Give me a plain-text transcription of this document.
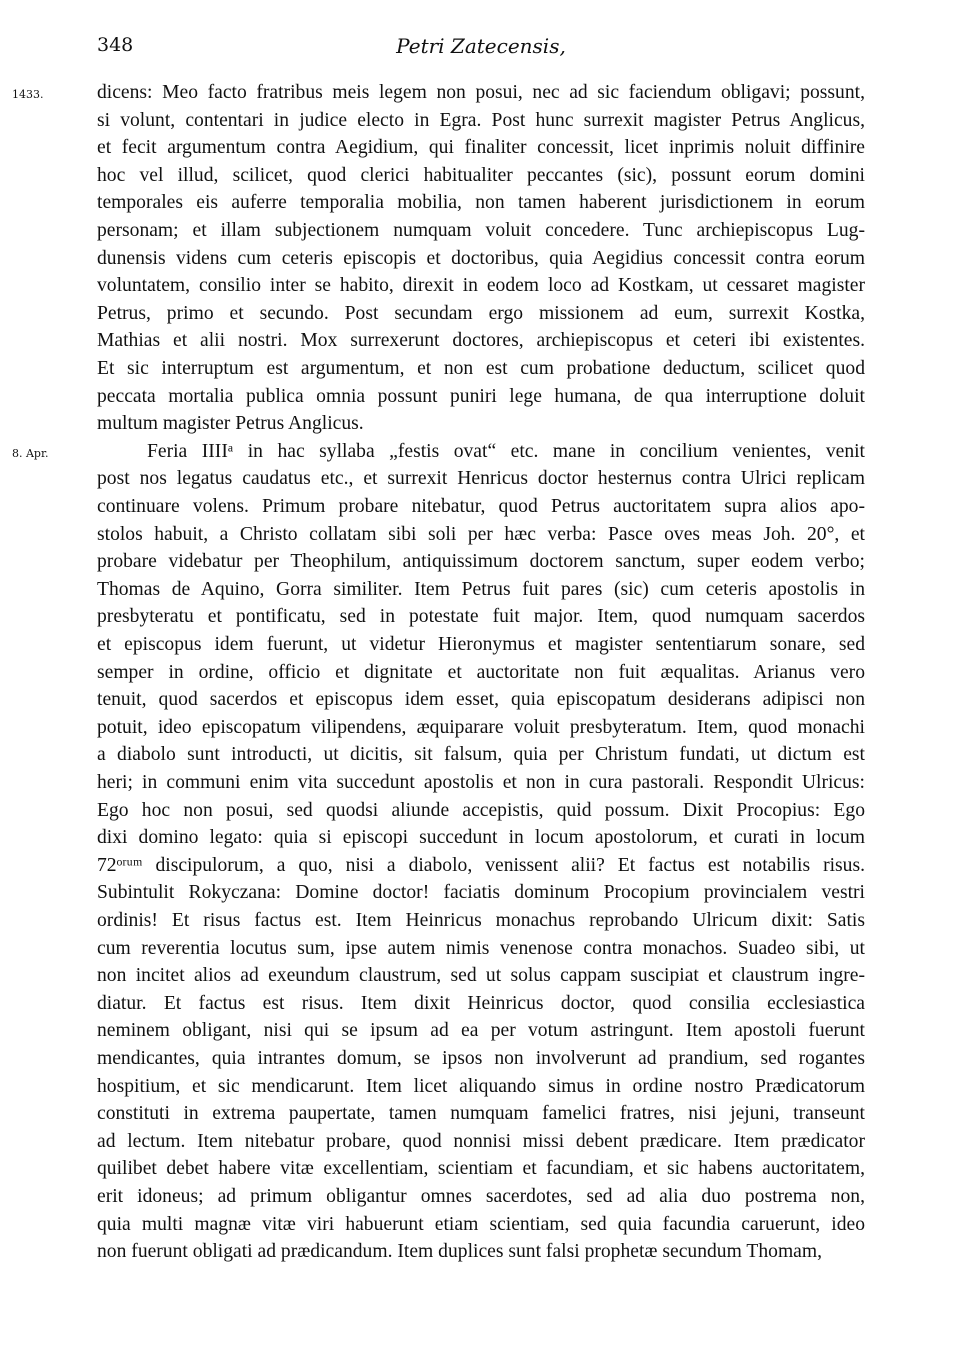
348	Petri Zatecensis,
dicens: Meo facto fratribus meis legem non posui, nec ad sic faciendum obligavi; possunt,
si volunt, contentari in judice electo in Egra. Post hunc surrexit magister Petrus Anglicus,
et fecit argumentum contra Aegidium, qui finaliter concessit, licet inprimis noluit diffinire
hoc vel illud, scilicet, quod clerici habitualiter peccantes (sic), possunt eorum domini
temporales eis auferre temporalia mobilia, non tamen haberent jurisdictionem in eorum
personam; et illam subjectionem numquam voluit concedere. Tunc archiepiscopus Lug-
dunensis videns cum ceteris episcopis et doctoribus, quia Aegidius concessit contra eorum
voluntatem, consilio inter se habito, direxit in eodem loco ad Kostkam, ut cessaret magister
Petrus, primo et secundo. Post secundam ergo missionem ad eum, surrexit Kostka,
Mathias et alii nostri. Mox surrexerunt doctores, archiepiscopus et ceteri ibi existentes.
Et sic interruptum est argumentum, et non est cum probatione deductum, scilicet quod
peccata mortalia publica omnia possunt puniri lege humana, de qua interruptione doluit
multum magister Petrus Anglicus.
Feria IIIIᵃ in hac syllaba „festis ovat“ etc. mane in concilium venientes, venit
post nos legatus caudatus etc., et surrexit Henricus doctor hesternus contra Ulrici replicam
continuare volens. Primum probare nitebatur, quod Petrus auctoritatem supra alios apo-
stolos habuit, a Christo collatam sibi soli per hæc verba: Pasce oves meas Joh. 20°, et
probare videbatur per Theophilum, antiquissimum doctorem sanctum, super eodem verbo;
Thomas de Aquino, Gorra similiter. Item Petrus fuit pares (sic) cum ceteris apostolis in
presbyteratu et pontificatu, sed in potestate fuit major. Item, quod numquam sacerdos
et episcopus idem fuerunt, ut videtur Hieronymus et magister sententiarum sonare, sed
semper in ordine, officio et dignitate et auctoritate non fuit æqualitas. Arianus vero
tenuit, quod sacerdos et episcopus idem esset, quia episcopatum desiderans adipisci non
potuit, ideo episcopatum vilipendens, æquiparare voluit presbyteratum. Item, quod monachi
a diabolo sunt introducti, ut dicitis, sit falsum, quia per Christum fundati, ut dictum est
heri; in communi enim vita succedunt apostolis et non in cura pastorali. Respondit Ulricus:
Ego hoc non posui, sed quodsi aliunde accepistis, quid possum. Dixit Procopius: Ego
dixi domino legato: quia si episcopi succedunt in locum apostolorum, et curati in locum
72ᵒʳᵘᵐ discipulorum, a quo, nisi a diabolo, venissent alii? Et factus est notabilis risus.
Subintulit Rokyczana: Domine doctor! faciatis dominum Procopium provincialem vestri
ordinis! Et risus factus est. Item Heinricus monachus reprobando Ulricum dixit: Satis
cum reverentia locutus sum, ipse autem nimis venenose contra monachos. Suadeo sibi, ut
non incitet alios ad exeundum claustrum, sed ut solus cappam suscipiat et claustrum ingre-
diatur. Et factus est risus. Item dixit Heinricus doctor, quod consilia ecclesiastica
neminem obligant, nisi qui se ipsum ad ea per votum astringunt. Item apostoli fuerunt
mendicantes, quia intrantes domum, se ipsos non involverunt ad prandium, sed rogantes
hospitium, et sic mendicarunt. Item licet aliquando simus in ordine nostro Prædicatorum
constituti in extrema paupertate, tamen numquam famelici fratres, nisi jejuni, transeunt
ad lectum. Item nitebatur probare, quod nonnisi missi debent prædicare. Item prædicator
quilibet debet habere vitæ excellentiam, scientiam et facundiam, et sic habens auctoritatem,
erit idoneus; ad primum obligantur omnes sacerdotes, sed ad alia duo postrema non,
quia multi magnæ vitæ viri habuerunt etiam scientiam, sed quia facundia caruerunt, ideo
non fuerunt obligati ad prædicandum. Item duplices sunt falsi prophetæ secundum Thomam,
1433.
8. Apr.
